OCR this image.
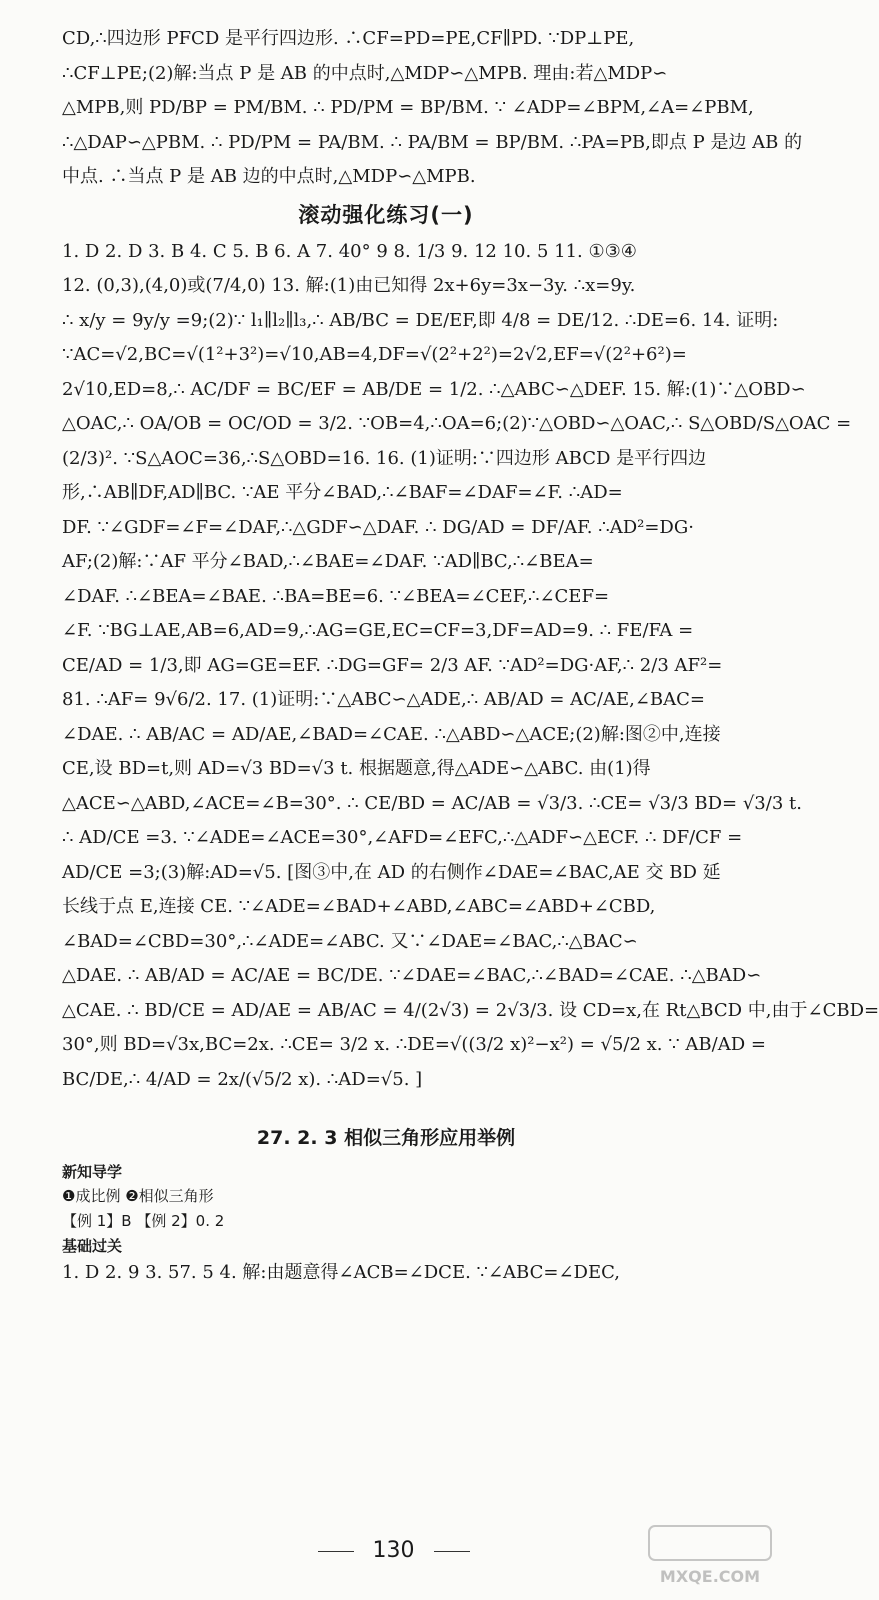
CD,∴四边形 PFCD 是平行四边形. ∴CF=PD=PE,CF∥PD. ∵DP⊥PE,

∴CF⊥PE;(2)解:当点 P 是 AB 的中点时,△MDP∽△MPB. 理由:若△MDP∽

△MPB,则 PD/BP = PM/BM. ∴ PD/PM = BP/BM. ∵ ∠ADP=∠BPM,∠A=∠PBM,

∴△DAP∽△PBM. ∴ PD/PM = PA/BM. ∴ PA/BM = BP/BM. ∴PA=PB,即点 P 是边 AB 的

中点. ∴当点 P 是 AB 边的中点时,△MDP∽△MPB.

滚动强化练习(一)

1. D 2. D 3. B 4. C 5. B 6. A 7. 40° 9 8. 1/3 9. 12 10. 5 11. ①③④

12. (0,3),(4,0)或(7/4,0) 13. 解:(1)由已知得 2x+6y=3x−3y. ∴x=9y.

∴ x/y = 9y/y =9;(2)∵ l₁∥l₂∥l₃,∴ AB/BC = DE/EF,即 4/8 = DE/12. ∴DE=6. 14. 证明:

∵AC=√2,BC=√(1²+3²)=√10,AB=4,DF=√(2²+2²)=2√2,EF=√(2²+6²)=

2√10,ED=8,∴ AC/DF = BC/EF = AB/DE = 1/2. ∴△ABC∽△DEF. 15. 解:(1)∵△OBD∽

△OAC,∴ OA/OB = OC/OD = 3/2. ∵OB=4,∴OA=6;(2)∵△OBD∽△OAC,∴ S△OBD/S△OAC =

(2/3)². ∵S△AOC=36,∴S△OBD=16. 16. (1)证明:∵四边形 ABCD 是平行四边

形,∴AB∥DF,AD∥BC. ∵AE 平分∠BAD,∴∠BAF=∠DAF=∠F. ∴AD=

DF. ∵∠GDF=∠F=∠DAF,∴△GDF∽△DAF. ∴ DG/AD = DF/AF. ∴AD²=DG·

AF;(2)解:∵AF 平分∠BAD,∴∠BAE=∠DAF. ∵AD∥BC,∴∠BEA=

∠DAF. ∴∠BEA=∠BAE. ∴BA=BE=6. ∵∠BEA=∠CEF,∴∠CEF=

∠F. ∵BG⊥AE,AB=6,AD=9,∴AG=GE,EC=CF=3,DF=AD=9. ∴ FE/FA =

CE/AD = 1/3,即 AG=GE=EF. ∴DG=GF= 2/3 AF. ∵AD²=DG·AF,∴ 2/3 AF²=

81. ∴AF= 9√6/2. 17. (1)证明:∵△ABC∽△ADE,∴ AB/AD = AC/AE,∠BAC=

∠DAE. ∴ AB/AC = AD/AE,∠BAD=∠CAE. ∴△ABD∽△ACE;(2)解:图②中,连接

CE,设 BD=t,则 AD=√3 BD=√3 t. 根据题意,得△ADE∽△ABC. 由(1)得

△ACE∽△ABD,∠ACE=∠B=30°. ∴ CE/BD = AC/AB = √3/3. ∴CE= √3/3 BD= √3/3 t.

∴ AD/CE =3. ∵∠ADE=∠ACE=30°,∠AFD=∠EFC,∴△ADF∽△ECF. ∴ DF/CF =

AD/CE =3;(3)解:AD=√5. [图③中,在 AD 的右侧作∠DAE=∠BAC,AE 交 BD 延

长线于点 E,连接 CE. ∵∠ADE=∠BAD+∠ABD,∠ABC=∠ABD+∠CBD,

∠BAD=∠CBD=30°,∴∠ADE=∠ABC. 又∵∠DAE=∠BAC,∴△BAC∽

△DAE. ∴ AB/AD = AC/AE = BC/DE. ∵∠DAE=∠BAC,∴∠BAD=∠CAE. ∴△BAD∽

△CAE. ∴ BD/CE = AD/AE = AB/AC = 4/(2√3) = 2√3/3. 设 CD=x,在 Rt△BCD 中,由于∠CBD=

30°,则 BD=√3x,BC=2x. ∴CE= 3/2 x. ∴DE=√((3/2 x)²−x²) = √5/2 x. ∵ AB/AD =

BC/DE,∴ 4/AD = 2x/(√5/2 x). ∴AD=√5. ]

27. 2. 3 相似三角形应用举例

新知导学

❶成比例 ❷相似三角形

【例 1】B 【例 2】0. 2

基础过关

1. D 2. 9 3. 57. 5 4. 解:由题意得∠ACB=∠DCE. ∵∠ABC=∠DEC,

130
MXQE.COM
